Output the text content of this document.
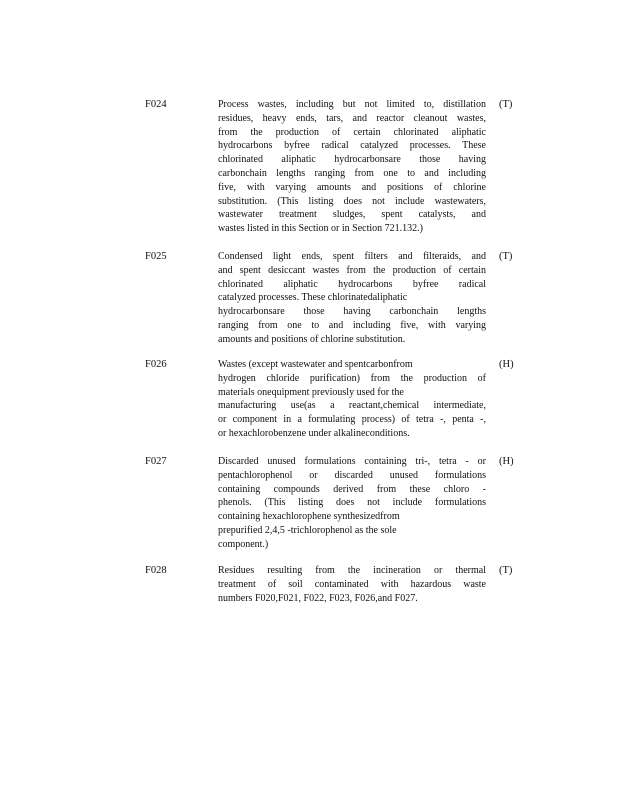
F024	Process wastes, including but not limited to, distillation
residues, heavy ends, tars, and reactor cleanout wastes,
from the production of certain chlorinated aliphatic
hydrocarbons byfree radical catalyzed processes. These
chlorinated aliphatic hydrocarbonsare those having
carbonchain lengths ranging from one to and including
five, with varying amounts and positions of chlorine
substitution. (This listing does not include wastewaters,
wastewater treatment sludges, spent catalysts, and
wastes listed in this Section or in Section 721.132.)
(T)
F025	Condensed light ends, spent filters and filteraids, and
and spent desiccant wastes from the production of certain
chlorinated aliphatic hydrocarbons byfree radical
catalyzed processes. These chlorinatedaliphatic
hydrocarbonsare those having carbonchain lengths
ranging from one to and including five, with varying
amounts and positions of chlorine substitution.
(T)
F026	Wastes (except wastewater and spentcarbonfrom
hydrogen chloride purification) from the production of
materials onequipment previously used for the
manufacturing use(as a reactant,chemical intermediate,
or component in a formulating process) of tetra -, penta -,
or hexachlorobenzene under alkalineconditions.
(H)
F027	Discarded unused formulations containing tri-, tetra - or
pentachlorophenol or discarded unused formulations
containing compounds derived from these chloro -
phenols. (This listing does not include formulations
containing hexachlorophene synthesizedfrom
prepurified 2,4,5 -trichlorophenol as the sole
component.)
(H)
F028	Residues resulting from the incineration or thermal
treatment of soil contaminated with hazardous waste
numbers F020,F021, F022, F023, F026,and F027.
(T)
